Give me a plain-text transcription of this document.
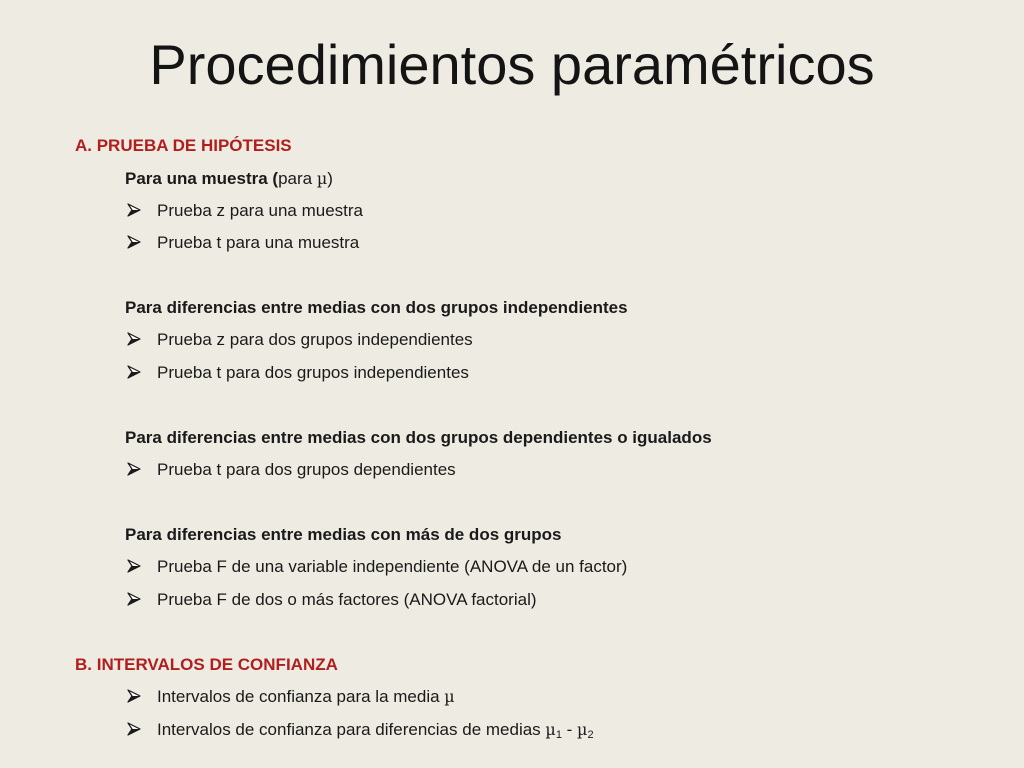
Procedimientos paramétricos
A. PRUEBA DE HIPÓTESIS
Para una muestra (para µ)
Prueba z para una muestra
Prueba t para una muestra
Para diferencias entre medias con dos grupos independientes
Prueba z para dos grupos independientes
Prueba t para dos grupos independientes
Para diferencias entre medias con dos grupos dependientes o igualados
Prueba t para dos grupos dependientes
Para diferencias entre medias con más de dos grupos
Prueba F de una variable independiente (ANOVA de un factor)
Prueba F de dos o más factores (ANOVA factorial)
B. INTERVALOS DE CONFIANZA
Intervalos de confianza para la media µ
Intervalos de confianza para diferencias de medias µ$_1$ - µ$_2$
